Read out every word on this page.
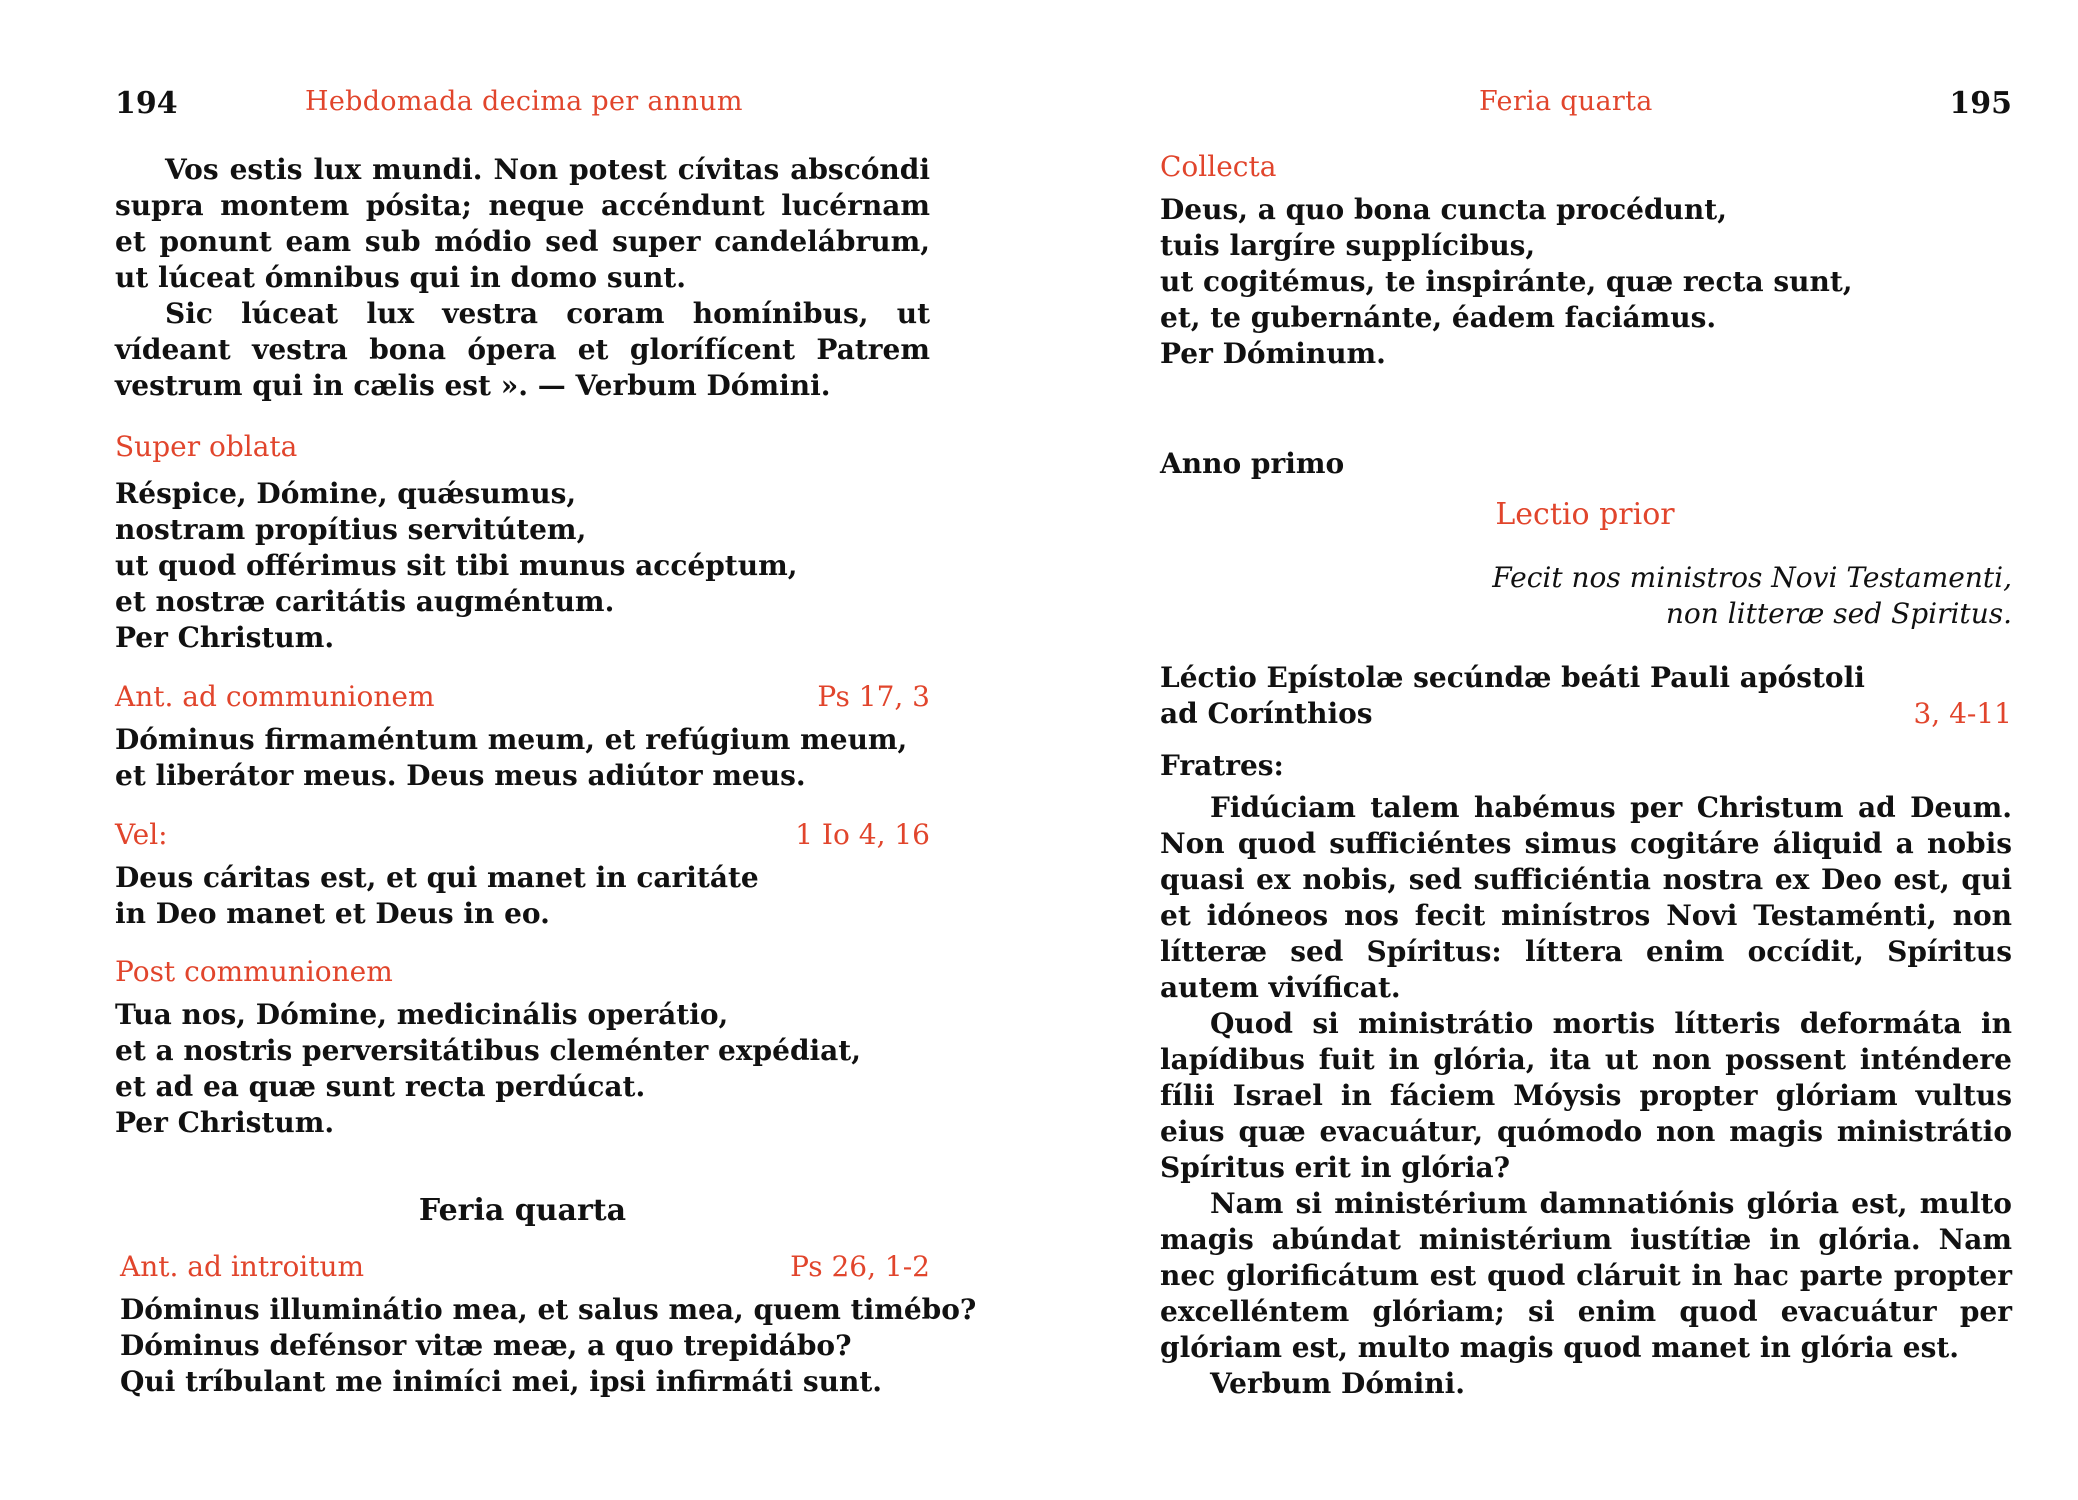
194	Hebdomada decima per annum

Vos estis lux mundi. Non potest cívitas abscóndi supra montem pósita; neque accéndunt lucérnam et ponunt eam sub módio sed super candelábrum, ut lúceat ómnibus qui in domo sunt.

Sic lúceat lux vestra coram homínibus, ut vídeant vestra bona ópera et glorífícent Patrem vestrum qui in cælis est ». — Verbum Dómini.

Super oblata
Réspice, Dómine, quǽsumus,
nostram propítius servitútem,
ut quod offérimus sit tibi munus accéptum,
et nostræ caritátis augméntum.
Per Christum.
Ant. ad communionem	Ps 17, 3
Dóminus firmaméntum meum, et refúgium meum,
et liberátor meus. Deus meus adiútor meus.
Vel:	1 Io 4, 16
Deus cáritas est, et qui manet in caritáte
in Deo manet et Deus in eo.
Post communionem
Tua nos, Dómine, medicinális operátio,
et a nostris perversitátibus cleménter expédiat,
et ad ea quæ sunt recta perdúcat.
Per Christum.
Feria quarta
Ant. ad introitum	Ps 26, 1-2
Dóminus illuminátio mea, et salus mea, quem timébo?
Dóminus defénsor vitæ meæ, a quo trepidábo?
Qui tríbulant me inimíci mei, ipsi infirmáti sunt.
Feria quarta	195
Collecta
Deus, a quo bona cuncta procédunt,
tuis largíre supplícibus,
ut cogitémus, te inspiránte, quæ recta sunt,
et, te gubernánte, éadem faciámus.
Per Dóminum.
Anno primo
Lectio prior
Fecit nos ministros Novi Testamenti,
non litteræ sed Spiritus.
Léctio Epístolæ secúndæ beáti Pauli apóstoli
ad Corínthios	3, 4-11
Fratres:

Fidúciam talem habémus per Christum ad Deum. Non quod sufficiéntes simus cogitáre áliquid a nobis quasi ex nobis, sed sufficiéntia nostra ex Deo est, qui et idóneos nos fecit minístros Novi Testaménti, non lítteræ sed Spíritus: líttera enim occídit, Spíritus autem vivíficat.

Quod si ministrátio mortis lítteris deformáta in lapídibus fuit in glória, ita ut non possent inténdere fílii Israel in fáciem Móysis propter glóriam vultus eius quæ evacuátur, quómodo non magis ministrátio Spíritus erit in glória?

Nam si ministérium damnatiónis glória est, multo magis abúndat ministérium iustítiæ in glória. Nam nec glorificátum est quod cláruit in hac parte propter excelléntem glóriam; si enim quod evacuátur per glóriam est, multo magis quod manet in glória est.

Verbum Dómini.
